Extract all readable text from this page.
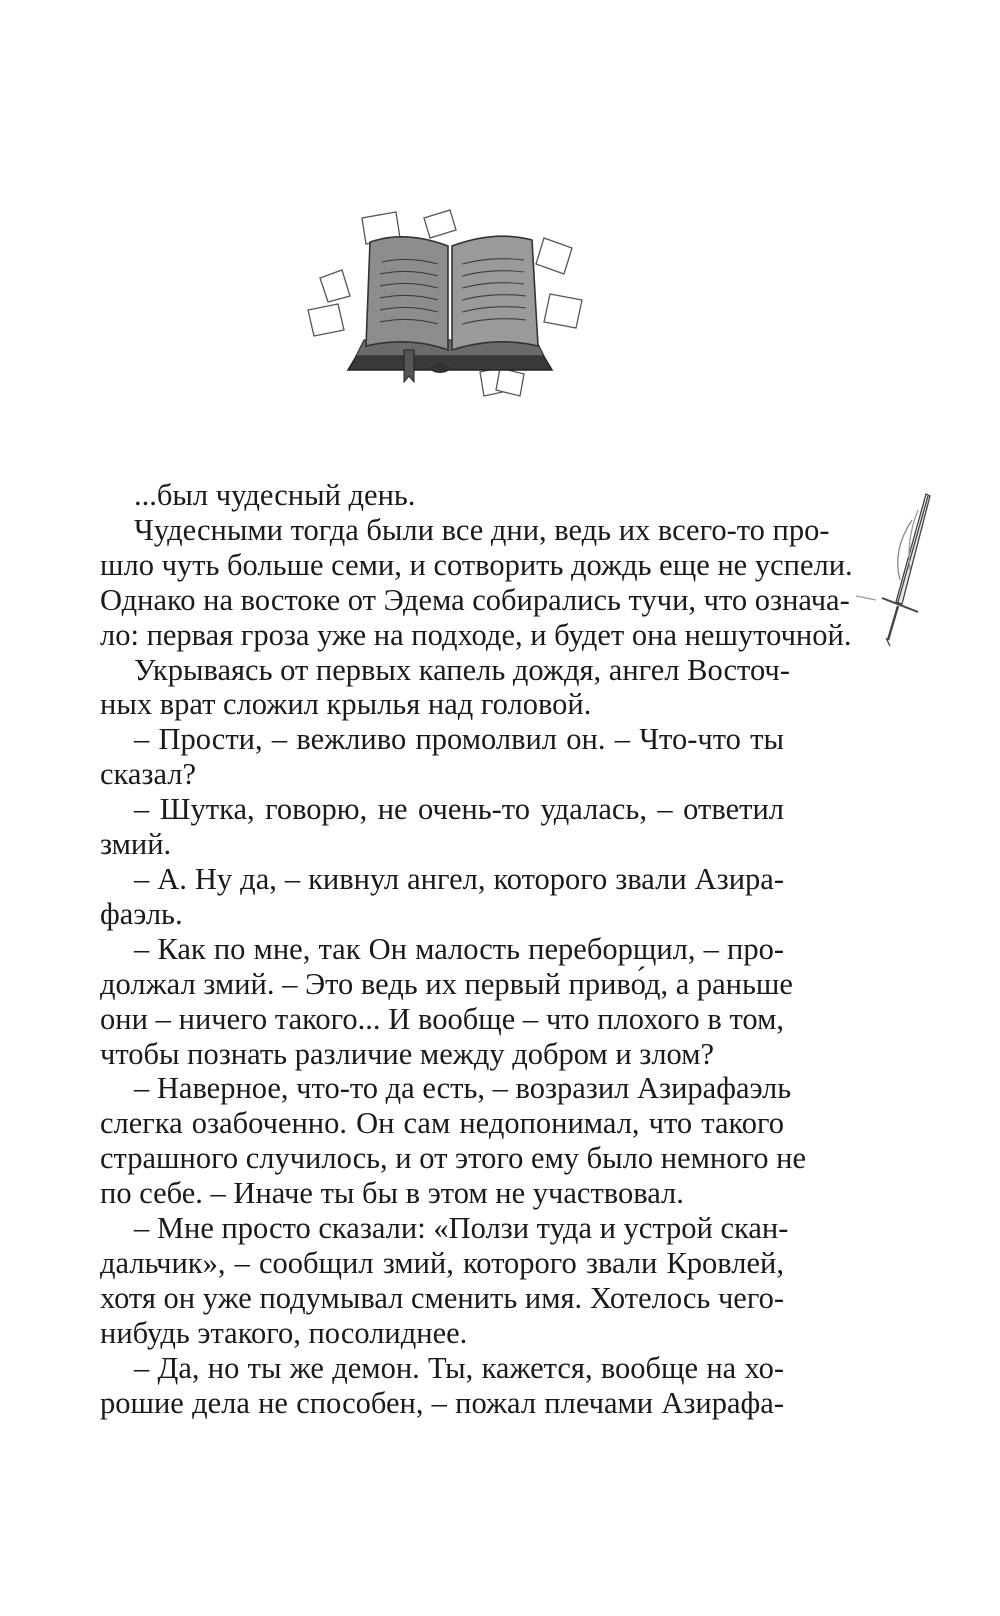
...был чудесный день.
Чудесными тогда были все дни, ведь их всего-то про-
шло чуть больше семи, и сотворить дождь еще не успели.
Однако на востоке от Эдема собирались тучи, что означа-
ло: первая гроза уже на подходе, и будет она нешуточной.
Укрываясь от первых капель дождя, ангел Восточ-
ных врат сложил крылья над головой.
– Прости, – вежливо промолвил он. – Что-что ты
сказал?
– Шутка, говорю, не очень-то удалась, – ответил
змий.
– А. Ну да, – кивнул ангел, которого звали Азира-
фаэль.
– Как по мне, так Он малость переборщил, – про-
должал змий. – Это ведь их первый приво́д, а раньше
они – ничего такого... И вообще – что плохого в том,
чтобы познать различие между добром и злом?
– Наверное, что-то да есть, – возразил Азирафаэль
слегка озабоченно. Он сам недопонимал, что такого
страшного случилось, и от этого ему было немного не
по себе. – Иначе ты бы в этом не участвовал.
– Мне просто сказали: «Ползи туда и устрой скан-
дальчик», – сообщил змий, которого звали Кровлей,
хотя он уже подумывал сменить имя. Хотелось чего-
нибудь этакого, посолиднее.
– Да, но ты же демон. Ты, кажется, вообще на хо-
рошие дела не способен, – пожал плечами Азирафа-
